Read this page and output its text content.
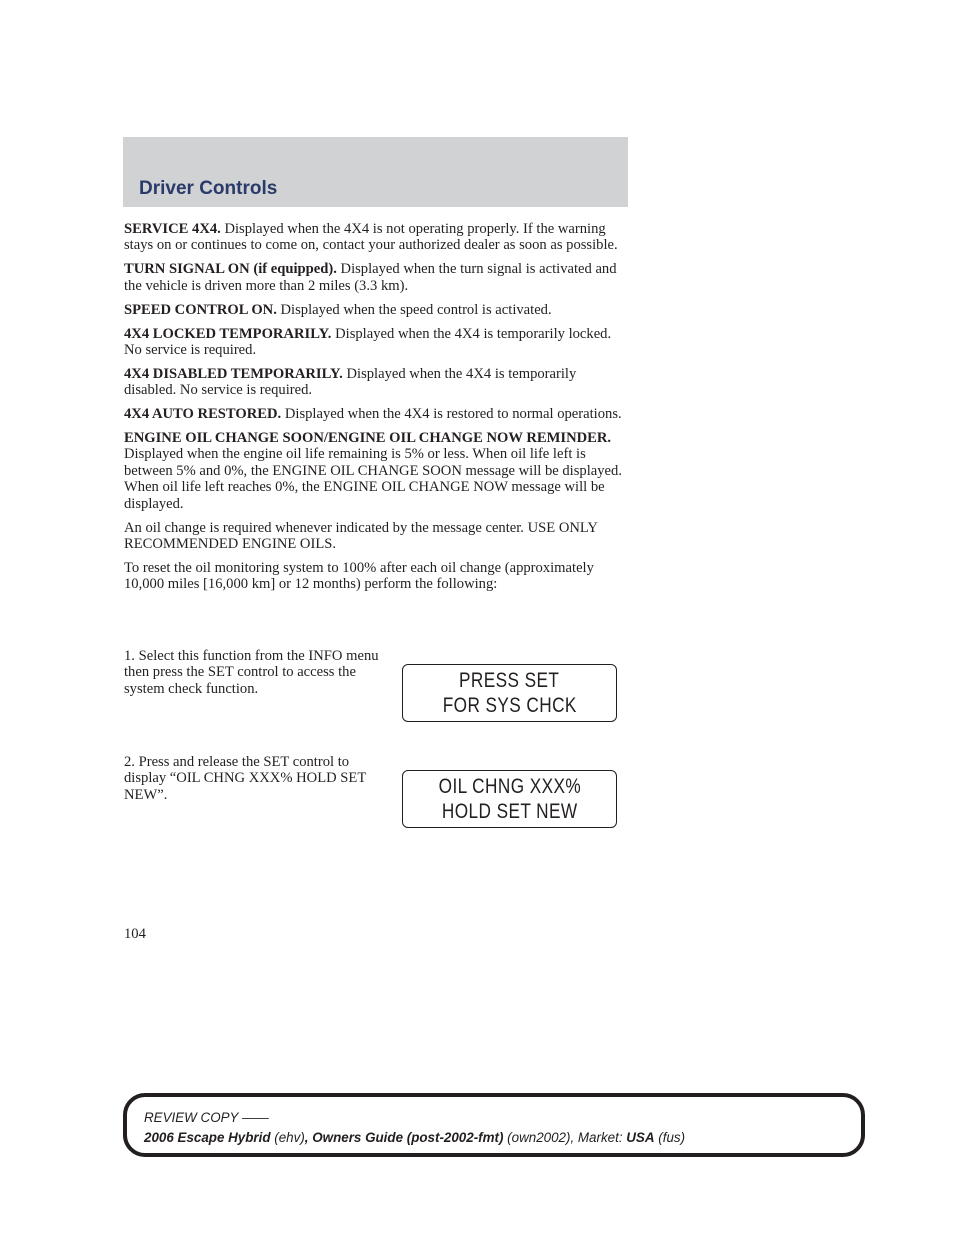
Driver Controls

SERVICE 4X4. Displayed when the 4X4 is not operating properly. If the warning stays on or continues to come on, contact your authorized dealer as soon as possible.

TURN SIGNAL ON (if equipped). Displayed when the turn signal is activated and the vehicle is driven more than 2 miles (3.3 km).

SPEED CONTROL ON. Displayed when the speed control is activated.

4X4 LOCKED TEMPORARILY. Displayed when the 4X4 is temporarily locked. No service is required.

4X4 DISABLED TEMPORARILY. Displayed when the 4X4 is temporarily disabled. No service is required.

4X4 AUTO RESTORED. Displayed when the 4X4 is restored to normal operations.

ENGINE OIL CHANGE SOON/ENGINE OIL CHANGE NOW REMINDER. Displayed when the engine oil life remaining is 5% or less. When oil life left is between 5% and 0%, the ENGINE OIL CHANGE SOON message will be displayed. When oil life left reaches 0%, the ENGINE OIL CHANGE NOW message will be displayed.

An oil change is required whenever indicated by the message center. USE ONLY RECOMMENDED ENGINE OILS.

To reset the oil monitoring system to 100% after each oil change (approximately 10,000 miles [16,000 km] or 12 months) perform the following:

1. Select this function from the INFO menu then press the SET control to access the system check function.	PRESS SET
FOR SYS CHCK

2. Press and release the SET control to display “OIL CHNG XXX% HOLD SET NEW”.	OIL CHNG XXX%
HOLD SET NEW

104

REVIEW COPY ——

2006 Escape Hybrid (ehv), Owners Guide (post-2002-fmt) (own2002), Market: USA (fus)
